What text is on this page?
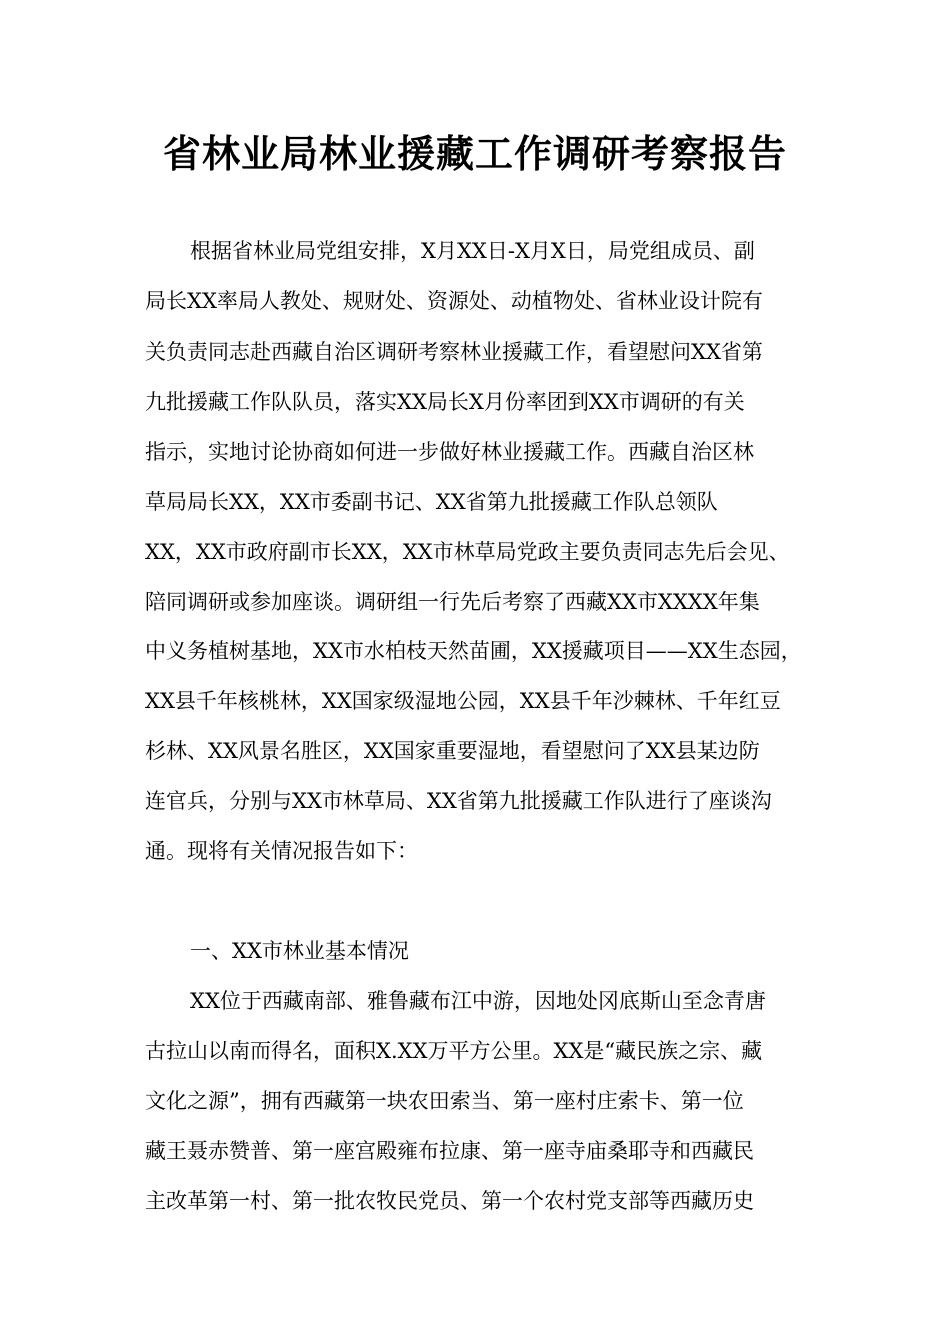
省林业局林业援藏工作调研考察报告
根据省林业局党组安排，X月XX日-X月X日，局党组成员、副
局长XX率局人教处、规财处、资源处、动植物处、省林业设计院有
关负责同志赴西藏自治区调研考察林业援藏工作，看望慰问XX省第
九批援藏工作队队员，落实XX局长X月份率团到XX市调研的有关
指示，实地讨论协商如何进一步做好林业援藏工作。西藏自治区林
草局局长XX，XX市委副书记、XX省第九批援藏工作队总领队
XX，XX市政府副市长XX，XX市林草局党政主要负责同志先后会见、
陪同调研或参加座谈。调研组一行先后考察了西藏XX市XXXX年集
中义务植树基地，XX市水柏枝天然苗圃，XX援藏项目——XX生态园，
XX县千年核桃林，XX国家级湿地公园，XX县千年沙棘林、千年红豆
杉林、XX风景名胜区，XX国家重要湿地，看望慰问了XX县某边防
连官兵，分别与XX市林草局、XX省第九批援藏工作队进行了座谈沟
通。现将有关情况报告如下：
一、XX市林业基本情况
XX位于西藏南部、雅鲁藏布江中游，因地处冈底斯山至念青唐
古拉山以南而得名，面积X.XX万平方公里。XX是“藏民族之宗、藏
文化之源”，拥有西藏第一块农田索当、第一座村庄索卡、第一位
藏王聂赤赞普、第一座宫殿雍布拉康、第一座寺庙桑耶寺和西藏民
主改革第一村、第一批农牧民党员、第一个农村党支部等西藏历史
